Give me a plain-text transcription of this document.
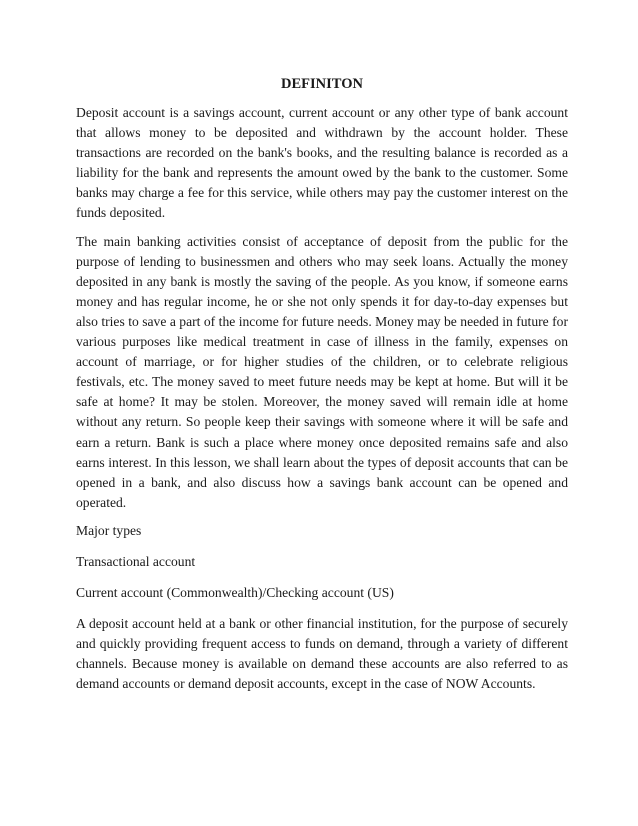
DEFINITON

Deposit account is a savings account, current account or any other type of bank account that allows money to be deposited and withdrawn by the account holder. These transactions are recorded on the bank's books, and the resulting balance is recorded as a liability for the bank and represents the amount owed by the bank to the customer. Some banks may charge a fee for this service, while others may pay the customer interest on the funds deposited.

The main banking activities consist of acceptance of deposit from the public for the purpose of lending to businessmen and others who may seek loans. Actually the money deposited in any bank is mostly the saving of the people. As you know, if someone earns money and has regular income, he or she not only spends it for day-to-day expenses but also tries to save a part of the income for future needs. Money may be needed in future for various purposes like medical treatment in case of illness in the family, expenses on account of marriage, or for higher studies of the children, or to celebrate religious festivals, etc. The money saved to meet future needs may be kept at home. But will it be safe at home? It may be stolen. Moreover, the money saved will remain idle at home without any return. So people keep their savings with someone where it will be safe and earn a return. Bank is such a place where money once deposited remains safe and also earns interest. In this lesson, we shall learn about the types of deposit accounts that can be opened in a bank, and also discuss how a savings bank account can be opened and operated.

Major types

Transactional account

Current account (Commonwealth)/Checking account (US)

A deposit account held at a bank or other financial institution, for the purpose of securely and quickly providing frequent access to funds on demand, through a variety of different channels. Because money is available on demand these accounts are also referred to as demand accounts or demand deposit accounts, except in the case of NOW Accounts.
